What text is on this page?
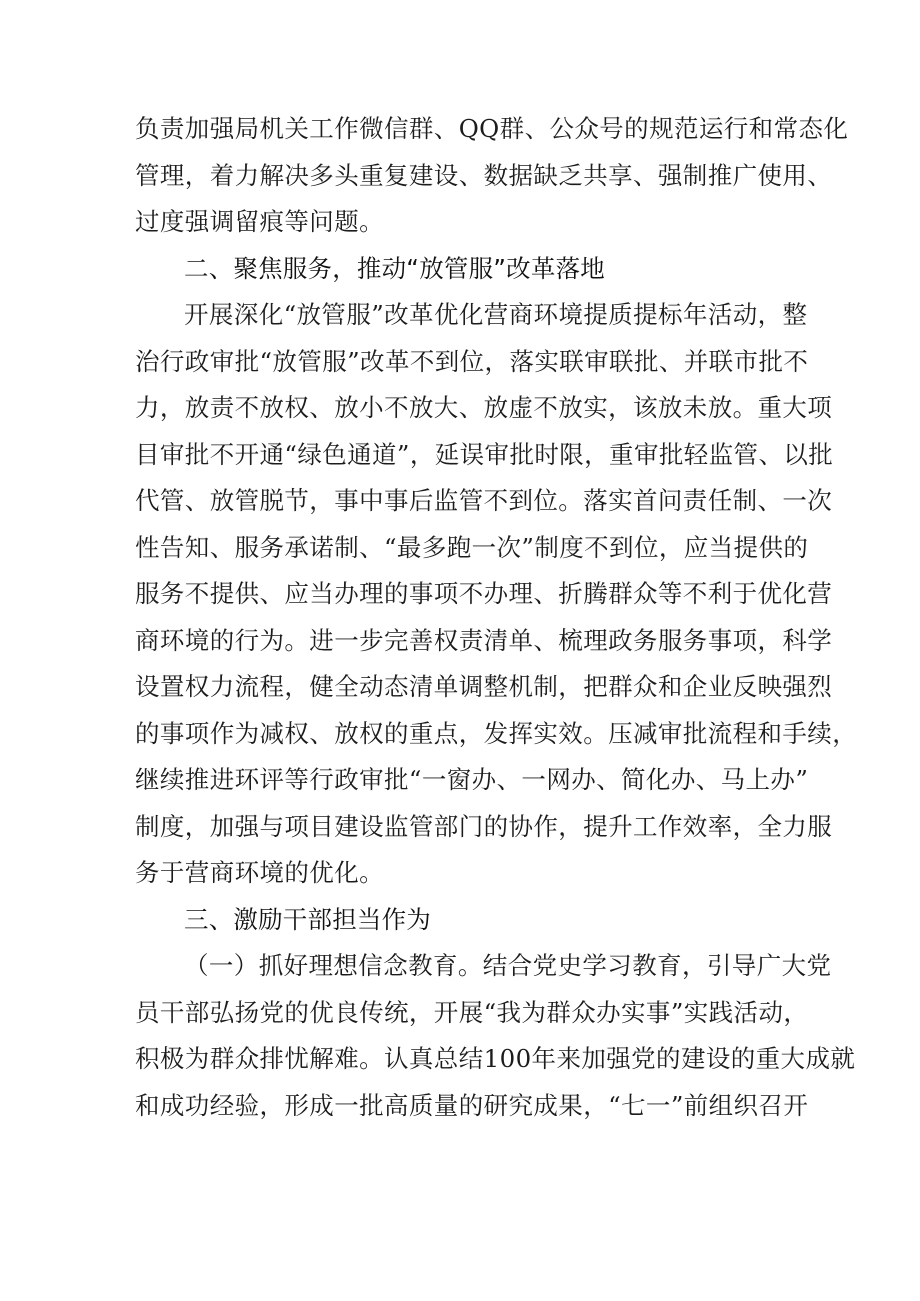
负责加强局机关工作微信群、QQ群、公众号的规范运行和常态化
管理，着力解决多头重复建设、数据缺乏共享、强制推广使用、
过度强调留痕等问题。
二、聚焦服务，推动“放管服”改革落地
开展深化“放管服”改革优化营商环境提质提标年活动，整
治行政审批“放管服”改革不到位，落实联审联批、并联市批不
力，放责不放权、放小不放大、放虚不放实，该放未放。重大项
目审批不开通“绿色通道”，延误审批时限，重审批轻监管、以批
代管、放管脱节，事中事后监管不到位。落实首问责任制、一次
性告知、服务承诺制、“最多跑一次”制度不到位，应当提供的
服务不提供、应当办理的事项不办理、折腾群众等不利于优化营
商环境的行为。进一步完善权责清单、梳理政务服务事项，科学
设置权力流程，健全动态清单调整机制，把群众和企业反映强烈
的事项作为减权、放权的重点，发挥实效。压减审批流程和手续，
继续推进环评等行政审批“一窗办、一网办、简化办、马上办”
制度，加强与项目建设监管部门的协作，提升工作效率，全力服
务于营商环境的优化。
三、激励干部担当作为
（一）抓好理想信念教育。结合党史学习教育，引导广大党
员干部弘扬党的优良传统，开展“我为群众办实事”实践活动，
积极为群众排忧解难。认真总结100年来加强党的建设的重大成就
和成功经验，形成一批高质量的研究成果，“七一”前组织召开
